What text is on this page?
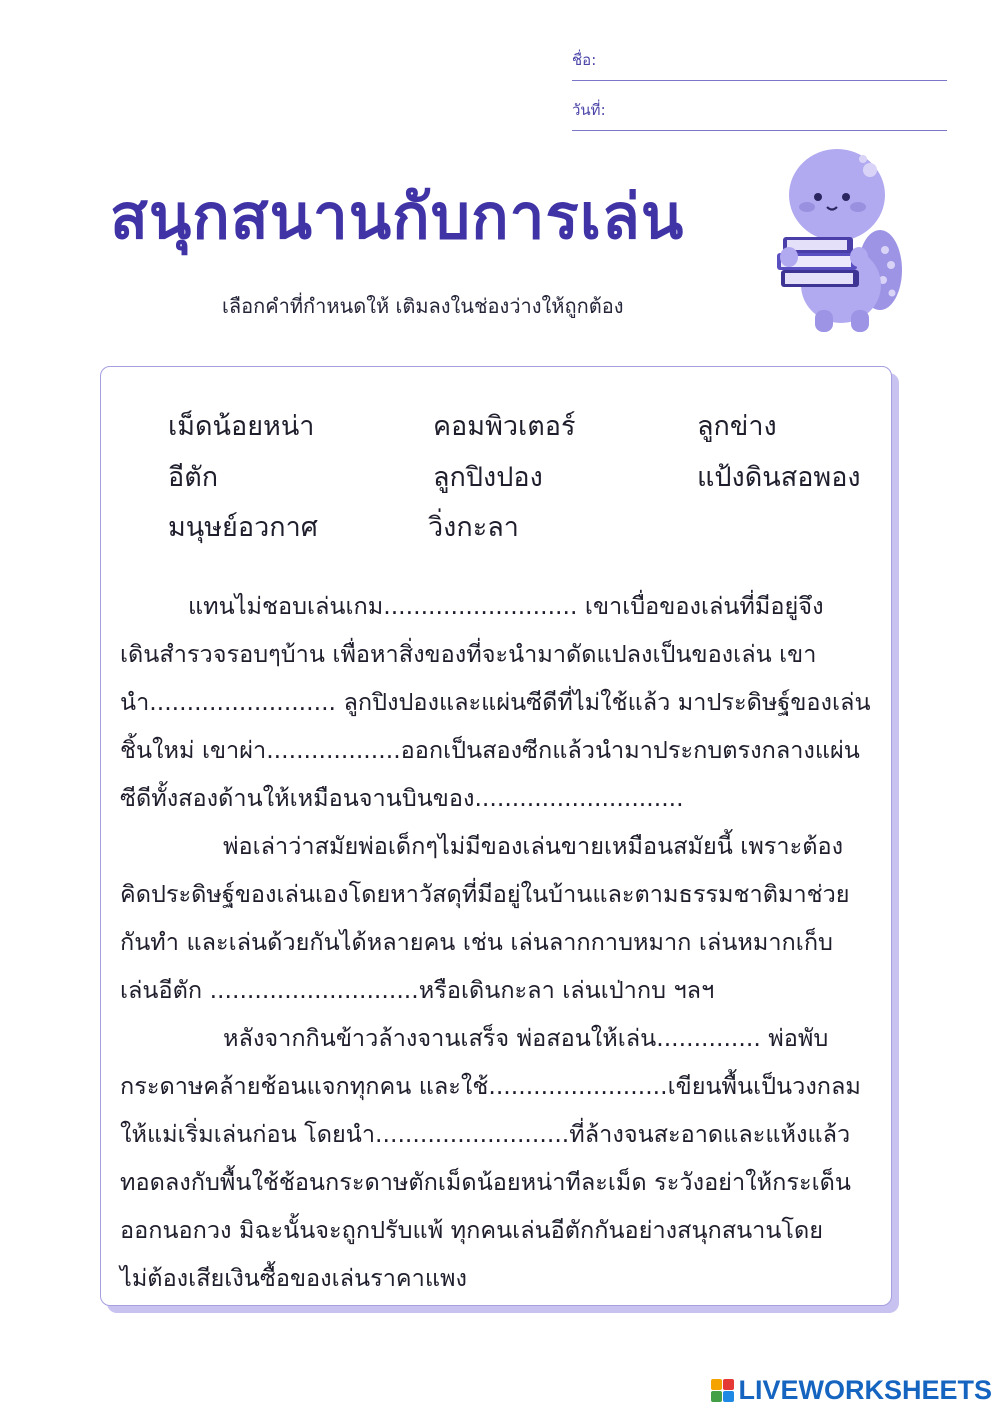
ชื่อ:
วันที่:
สนุกสนานกับการเล่น
เลือกคำที่กำหนดให้ เติมลงในช่องว่างให้ถูกต้อง
เม็ดน้อยหน่า	คอมพิวเตอร์	ลูกข่าง
อีตัก	ลูกปิงปอง	แป้งดินสอพอง
มนุษย์อวกาศ	วิ่งกะลา
แทนไม่ชอบเล่นเกม.......................... เขาเบื่อของเล่นที่มีอยู่จึง
เดินสำรวจรอบๆบ้าน เพื่อหาสิ่งของที่จะนำมาดัดแปลงเป็นของเล่น เขา
นำ......................... ลูกปิงปองและแผ่นซีดีที่ไม่ใช้แล้ว มาประดิษฐ์ของเล่น
ชิ้นใหม่ เขาผ่า..................ออกเป็นสองซีกแล้วนำมาประกบตรงกลางแผ่น
ซีดีทั้งสองด้านให้เหมือนจานบินของ............................
พ่อเล่าว่าสมัยพ่อเด็กๆไม่มีของเล่นขายเหมือนสมัยนี้ เพราะต้อง
คิดประดิษฐ์ของเล่นเองโดยหาวัสดุที่มีอยู่ในบ้านและตามธรรมชาติมาช่วย
กันทำ และเล่นด้วยกันได้หลายคน เช่น เล่นลากกาบหมาก เล่นหมากเก็บ
เล่นอีตัก ............................หรือเดินกะลา เล่นเป่ากบ ฯลฯ
หลังจากกินข้าวล้างจานเสร็จ พ่อสอนให้เล่น.............. พ่อพับ
กระดาษคล้ายช้อนแจกทุกคน และใช้........................เขียนพื้นเป็นวงกลม
ให้แม่เริ่มเล่นก่อน โดยนำ..........................ที่ล้างจนสะอาดและแห้งแล้ว
ทอดลงกับพื้นใช้ช้อนกระดาษตักเม็ดน้อยหน่าทีละเม็ด ระวังอย่าให้กระเด็น
ออกนอกวง มิฉะนั้นจะถูกปรับแพ้ ทุกคนเล่นอีตักกันอย่างสนุกสนานโดย
ไม่ต้องเสียเงินซื้อของเล่นราคาแพง
LIVEWORKSHEETS
